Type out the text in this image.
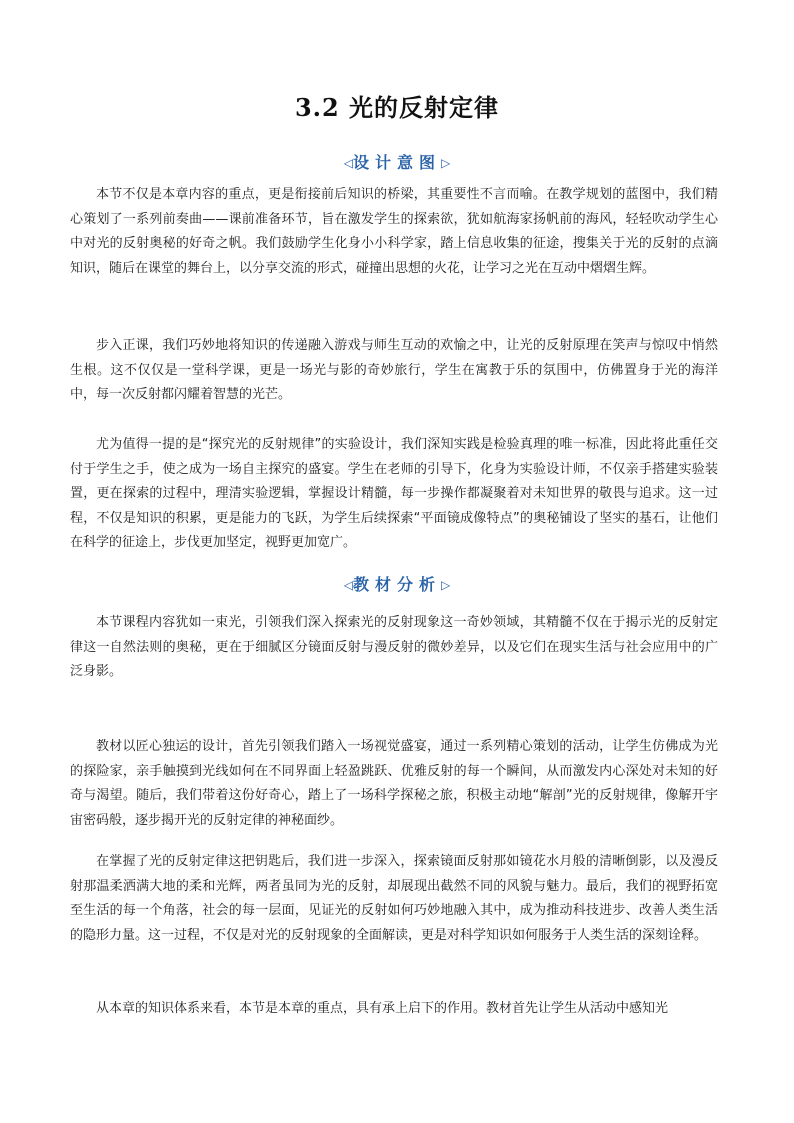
3.2 光的反射定律
◁设计意图▷

本节不仅是本章内容的重点，更是衔接前后知识的桥梁，其重要性不言而喻。在教学规划的蓝图中，我们精心策划了一系列前奏曲——课前准备环节，旨在激发学生的探索欲，犹如航海家扬帆前的海风，轻轻吹动学生心中对光的反射奥秘的好奇之帆。我们鼓励学生化身小小科学家，踏上信息收集的征途，搜集关于光的反射的点滴知识，随后在课堂的舞台上，以分享交流的形式，碰撞出思想的火花，让学习之光在互动中熠熠生辉。

步入正课，我们巧妙地将知识的传递融入游戏与师生互动的欢愉之中，让光的反射原理在笑声与惊叹中悄然生根。这不仅仅是一堂科学课，更是一场光与影的奇妙旅行，学生在寓教于乐的氛围中，仿佛置身于光的海洋中，每一次反射都闪耀着智慧的光芒。

尤为值得一提的是“探究光的反射规律”的实验设计，我们深知实践是检验真理的唯一标准，因此将此重任交付于学生之手，使之成为一场自主探究的盛宴。学生在老师的引导下，化身为实验设计师，不仅亲手搭建实验装置，更在探索的过程中，理清实验逻辑，掌握设计精髓，每一步操作都凝聚着对未知世界的敬畏与追求。这一过程，不仅是知识的积累，更是能力的飞跃，为学生后续探索“平面镜成像特点”的奥秘铺设了坚实的基石，让他们在科学的征途上，步伐更加坚定，视野更加宽广。

◁教材分析▷

本节课程内容犹如一束光，引领我们深入探索光的反射现象这一奇妙领域，其精髓不仅在于揭示光的反射定律这一自然法则的奥秘，更在于细腻区分镜面反射与漫反射的微妙差异，以及它们在现实生活与社会应用中的广泛身影。

教材以匠心独运的设计，首先引领我们踏入一场视觉盛宴，通过一系列精心策划的活动，让学生仿佛成为光的探险家，亲手触摸到光线如何在不同界面上轻盈跳跃、优雅反射的每一个瞬间，从而激发内心深处对未知的好奇与渴望。随后，我们带着这份好奇心，踏上了一场科学探秘之旅，积极主动地“解剖”光的反射规律，像解开宇宙密码般，逐步揭开光的反射定律的神秘面纱。

在掌握了光的反射定律这把钥匙后，我们进一步深入，探索镜面反射那如镜花水月般的清晰倒影，以及漫反射那温柔洒满大地的柔和光辉，两者虽同为光的反射，却展现出截然不同的风貌与魅力。最后，我们的视野拓宽至生活的每一个角落，社会的每一层面，见证光的反射如何巧妙地融入其中，成为推动科技进步、改善人类生活的隐形力量。这一过程，不仅是对光的反射现象的全面解读，更是对科学知识如何服务于人类生活的深刻诠释。

从本章的知识体系来看，本节是本章的重点，具有承上启下的作用。教材首先让学生从活动中感知光
